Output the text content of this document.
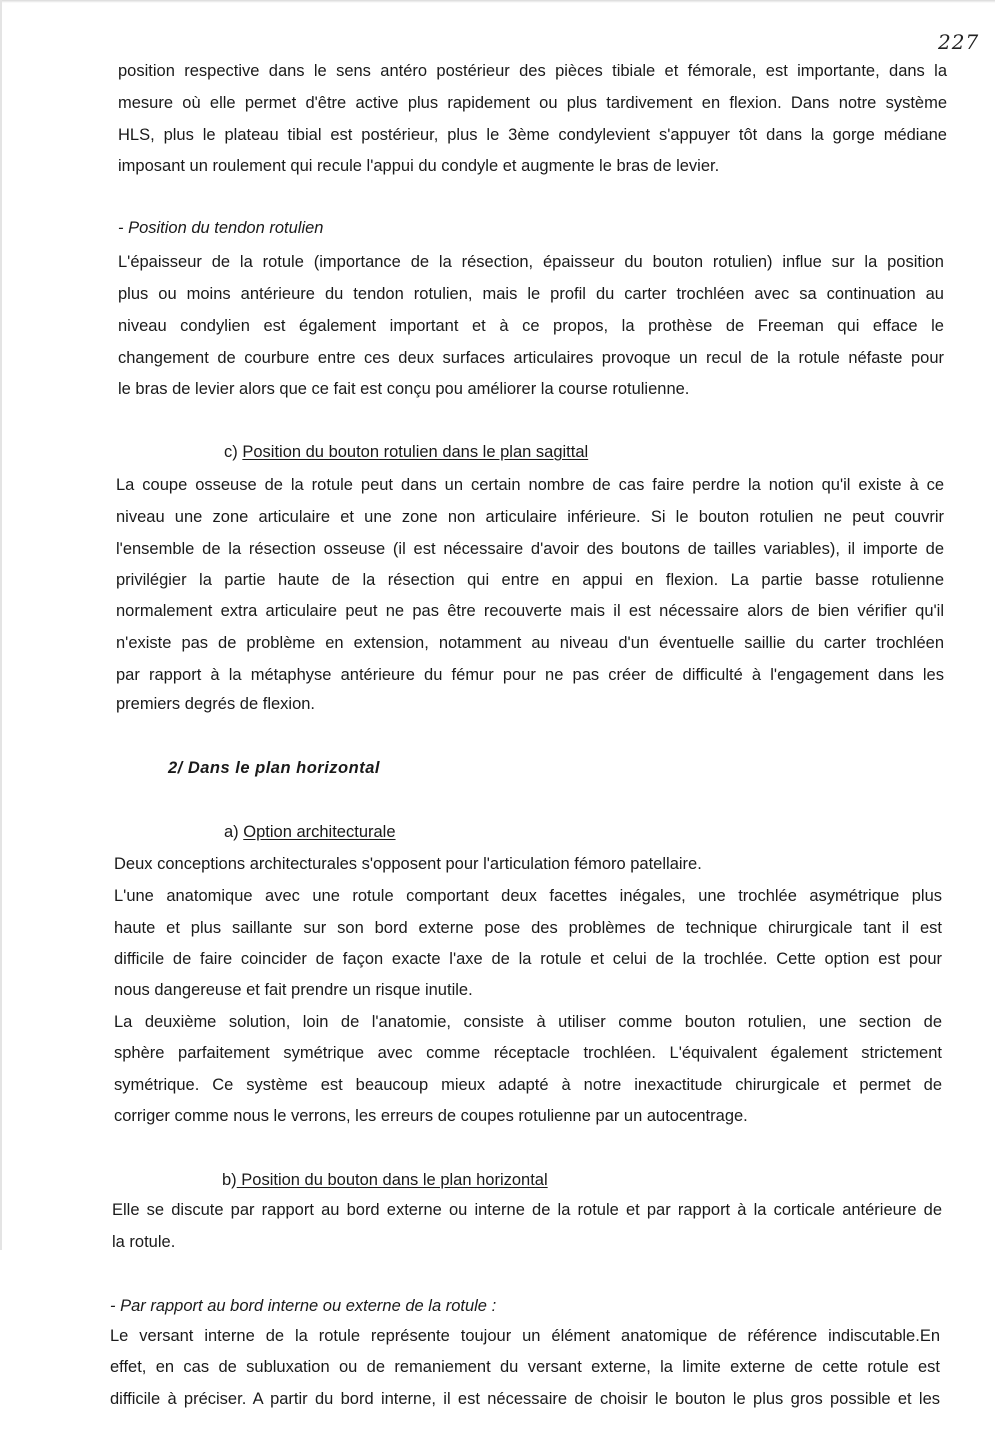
227
position respective dans le sens antéro postérieur des pièces tibiale et fémorale, est importante, dans la
mesure où elle permet d'être active plus rapidement ou plus tardivement en flexion. Dans notre système
HLS, plus le plateau tibial est postérieur, plus le 3ème condylevient s'appuyer tôt dans la gorge médiane
imposant un roulement qui recule l'appui du condyle et augmente le bras de levier.
- Position du tendon rotulien
L'épaisseur de la rotule (importance de la résection, épaisseur du bouton rotulien) influe sur la position
plus ou moins antérieure du tendon rotulien, mais le profil du carter trochléen avec sa continuation au
niveau condylien est également important et à ce propos, la prothèse de Freeman qui efface le
changement de courbure entre ces deux surfaces articulaires provoque un recul de la rotule néfaste pour
le bras de levier alors que ce fait est conçu pou améliorer la course rotulienne.
c) Position du bouton rotulien dans le plan sagittal
La coupe osseuse de la rotule peut dans un certain nombre de cas faire perdre la notion qu'il existe à ce
niveau une zone articulaire et une zone non articulaire inférieure. Si le bouton rotulien ne peut couvrir
l'ensemble de la résection osseuse (il est nécessaire d'avoir des boutons de tailles variables), il importe de
privilégier la partie haute de la résection qui entre en appui en flexion. La partie basse rotulienne
normalement extra articulaire peut ne pas être recouverte mais il est nécessaire alors de bien vérifier qu'il
n'existe pas de problème en extension, notamment au niveau d'un éventuelle saillie du carter trochléen
par rapport à la métaphyse antérieure du fémur pour ne pas créer de difficulté à l'engagement dans les
premiers degrés de flexion.
2/ Dans le plan horizontal
a) Option architecturale
Deux conceptions architecturales s'opposent pour l'articulation fémoro patellaire.
L'une anatomique avec une rotule comportant deux facettes inégales, une trochlée asymétrique plus
haute et plus saillante sur son bord externe pose des problèmes de technique chirurgicale tant il est
difficile de faire coincider de façon exacte l'axe de la rotule et celui de la trochlée. Cette option est pour
nous dangereuse et fait prendre un risque inutile.
La deuxième solution, loin de l'anatomie, consiste à utiliser comme bouton rotulien, une section de
sphère parfaitement symétrique avec comme réceptacle trochléen. L'équivalent également strictement
symétrique. Ce système est beaucoup mieux adapté à notre inexactitude chirurgicale et permet de
corriger comme nous le verrons, les erreurs de coupes rotulienne par un autocentrage.
b) Position du bouton dans le plan horizontal
Elle se discute par rapport au bord externe ou interne de la rotule et par rapport à la corticale antérieure de
la rotule.
- Par rapport au bord interne ou externe de la rotule :
Le versant interne de la rotule représente toujour un élément anatomique de référence indiscutable.En
effet, en cas de subluxation ou de remaniement du versant externe, la limite externe de cette rotule est
difficile à préciser. A partir du bord interne, il est nécessaire de choisir le bouton le plus gros possible et les
